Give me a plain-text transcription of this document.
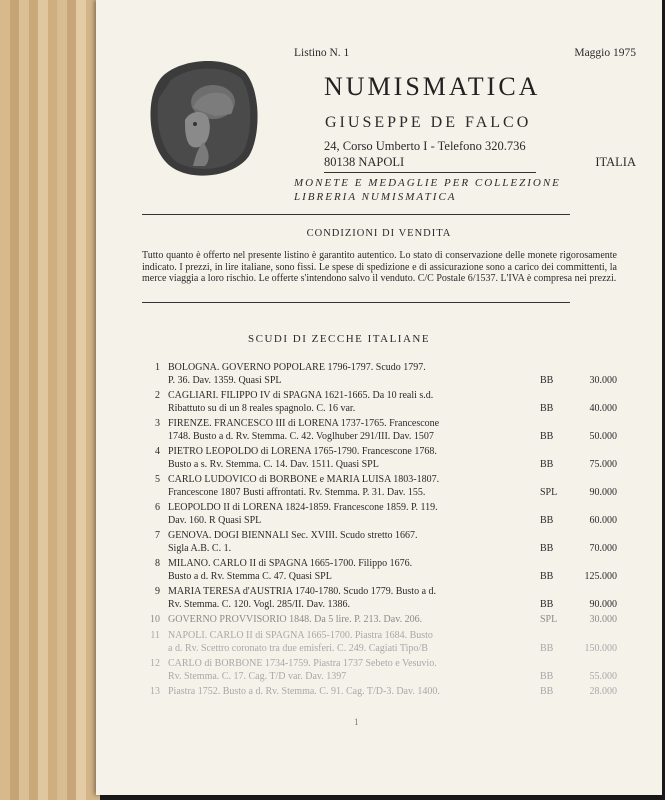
Listino N. 1	Maggio 1975
NUMISMATICA
GIUSEPPE DE FALCO
24, Corso Umberto I - Telefono 320.736
80138 NAPOLI	ITALIA
MONETE E MEDAGLIE PER COLLEZIONE
LIBRERIA NUMISMATICA
CONDIZIONI DI VENDITA
Tutto quanto è offerto nel presente listino è garantito autentico. Lo stato di conservazione delle monete rigorosamente indicato. I prezzi, in lire italiane, sono fissi. Le spese di spedizione e di assicurazione sono a carico dei committenti, la merce viaggia a loro rischio. Le offerte s'intendono salvo il venduto. C/C Postale 6/1537. L'IVA è compresa nei prezzi.
SCUDI DI ZECCHE ITALIANE
1 BOLOGNA. GOVERNO POPOLARE 1796-1797. Scudo 1797.
P. 36. Dav. 1359. Quasi SPL	BB	30.000
2 CAGLIARI. FILIPPO IV di SPAGNA 1621-1665. Da 10 reali s.d.
Ribattuto su di un 8 reales spagnolo. C. 16 var.	BB	40.000
3 FIRENZE. FRANCESCO III di LORENA 1737-1765. Francescone
1748. Busto a d. Rv. Stemma. C. 42. Voglhuber 291/III. Dav. 1507	BB	50.000
4 PIETRO LEOPOLDO di LORENA 1765-1790. Francescone 1768.
Busto a s. Rv. Stemma. C. 14. Dav. 1511. Quasi SPL	BB	75.000
5 CARLO LUDOVICO di BORBONE e MARIA LUISA 1803-1807.
Francescone 1807 Busti affrontati. Rv. Stemma. P. 31. Dav. 155.	SPL	90.000
6 LEOPOLDO II di LORENA 1824-1859. Francescone 1859. P. 119.
Dav. 160. R Quasi SPL	BB	60.000
7 GENOVA. DOGI BIENNALI Sec. XVIII. Scudo stretto 1667.
Sigla A.B. C. 1.	BB	70.000
8 MILANO. CARLO II di SPAGNA 1665-1700. Filippo 1676.
Busto a d. Rv. Stemma C. 47. Quasi SPL	BB	125.000
9 MARIA TERESA d'AUSTRIA 1740-1780. Scudo 1779. Busto a d.
Rv. Stemma. C. 120. Vogl. 285/II. Dav. 1386.	BB	90.000
10 GOVERNO PROVVISORIO 1848. Da 5 lire. P. 213. Dav. 206.	SPL	30.000
11 NAPOLI. CARLO II di SPAGNA 1665-1700. Piastra 1684. Busto
a d. Rv. Scettro coronato tra due emisferi. C. 249. Cagiati Tipo/B	BB	150.000
12 CARLO di BORBONE 1734-1759. Piastra 1737 Sebeto e Vesuvio.
Rv. Stemma. C. 17. Cag. T/D var. Dav. 1397	BB	55.000
13 Piastra 1752. Busto a d. Rv. Stemma. C. 91. Cag. T/D-3. Dav. 1400.	BB	28.000
1
